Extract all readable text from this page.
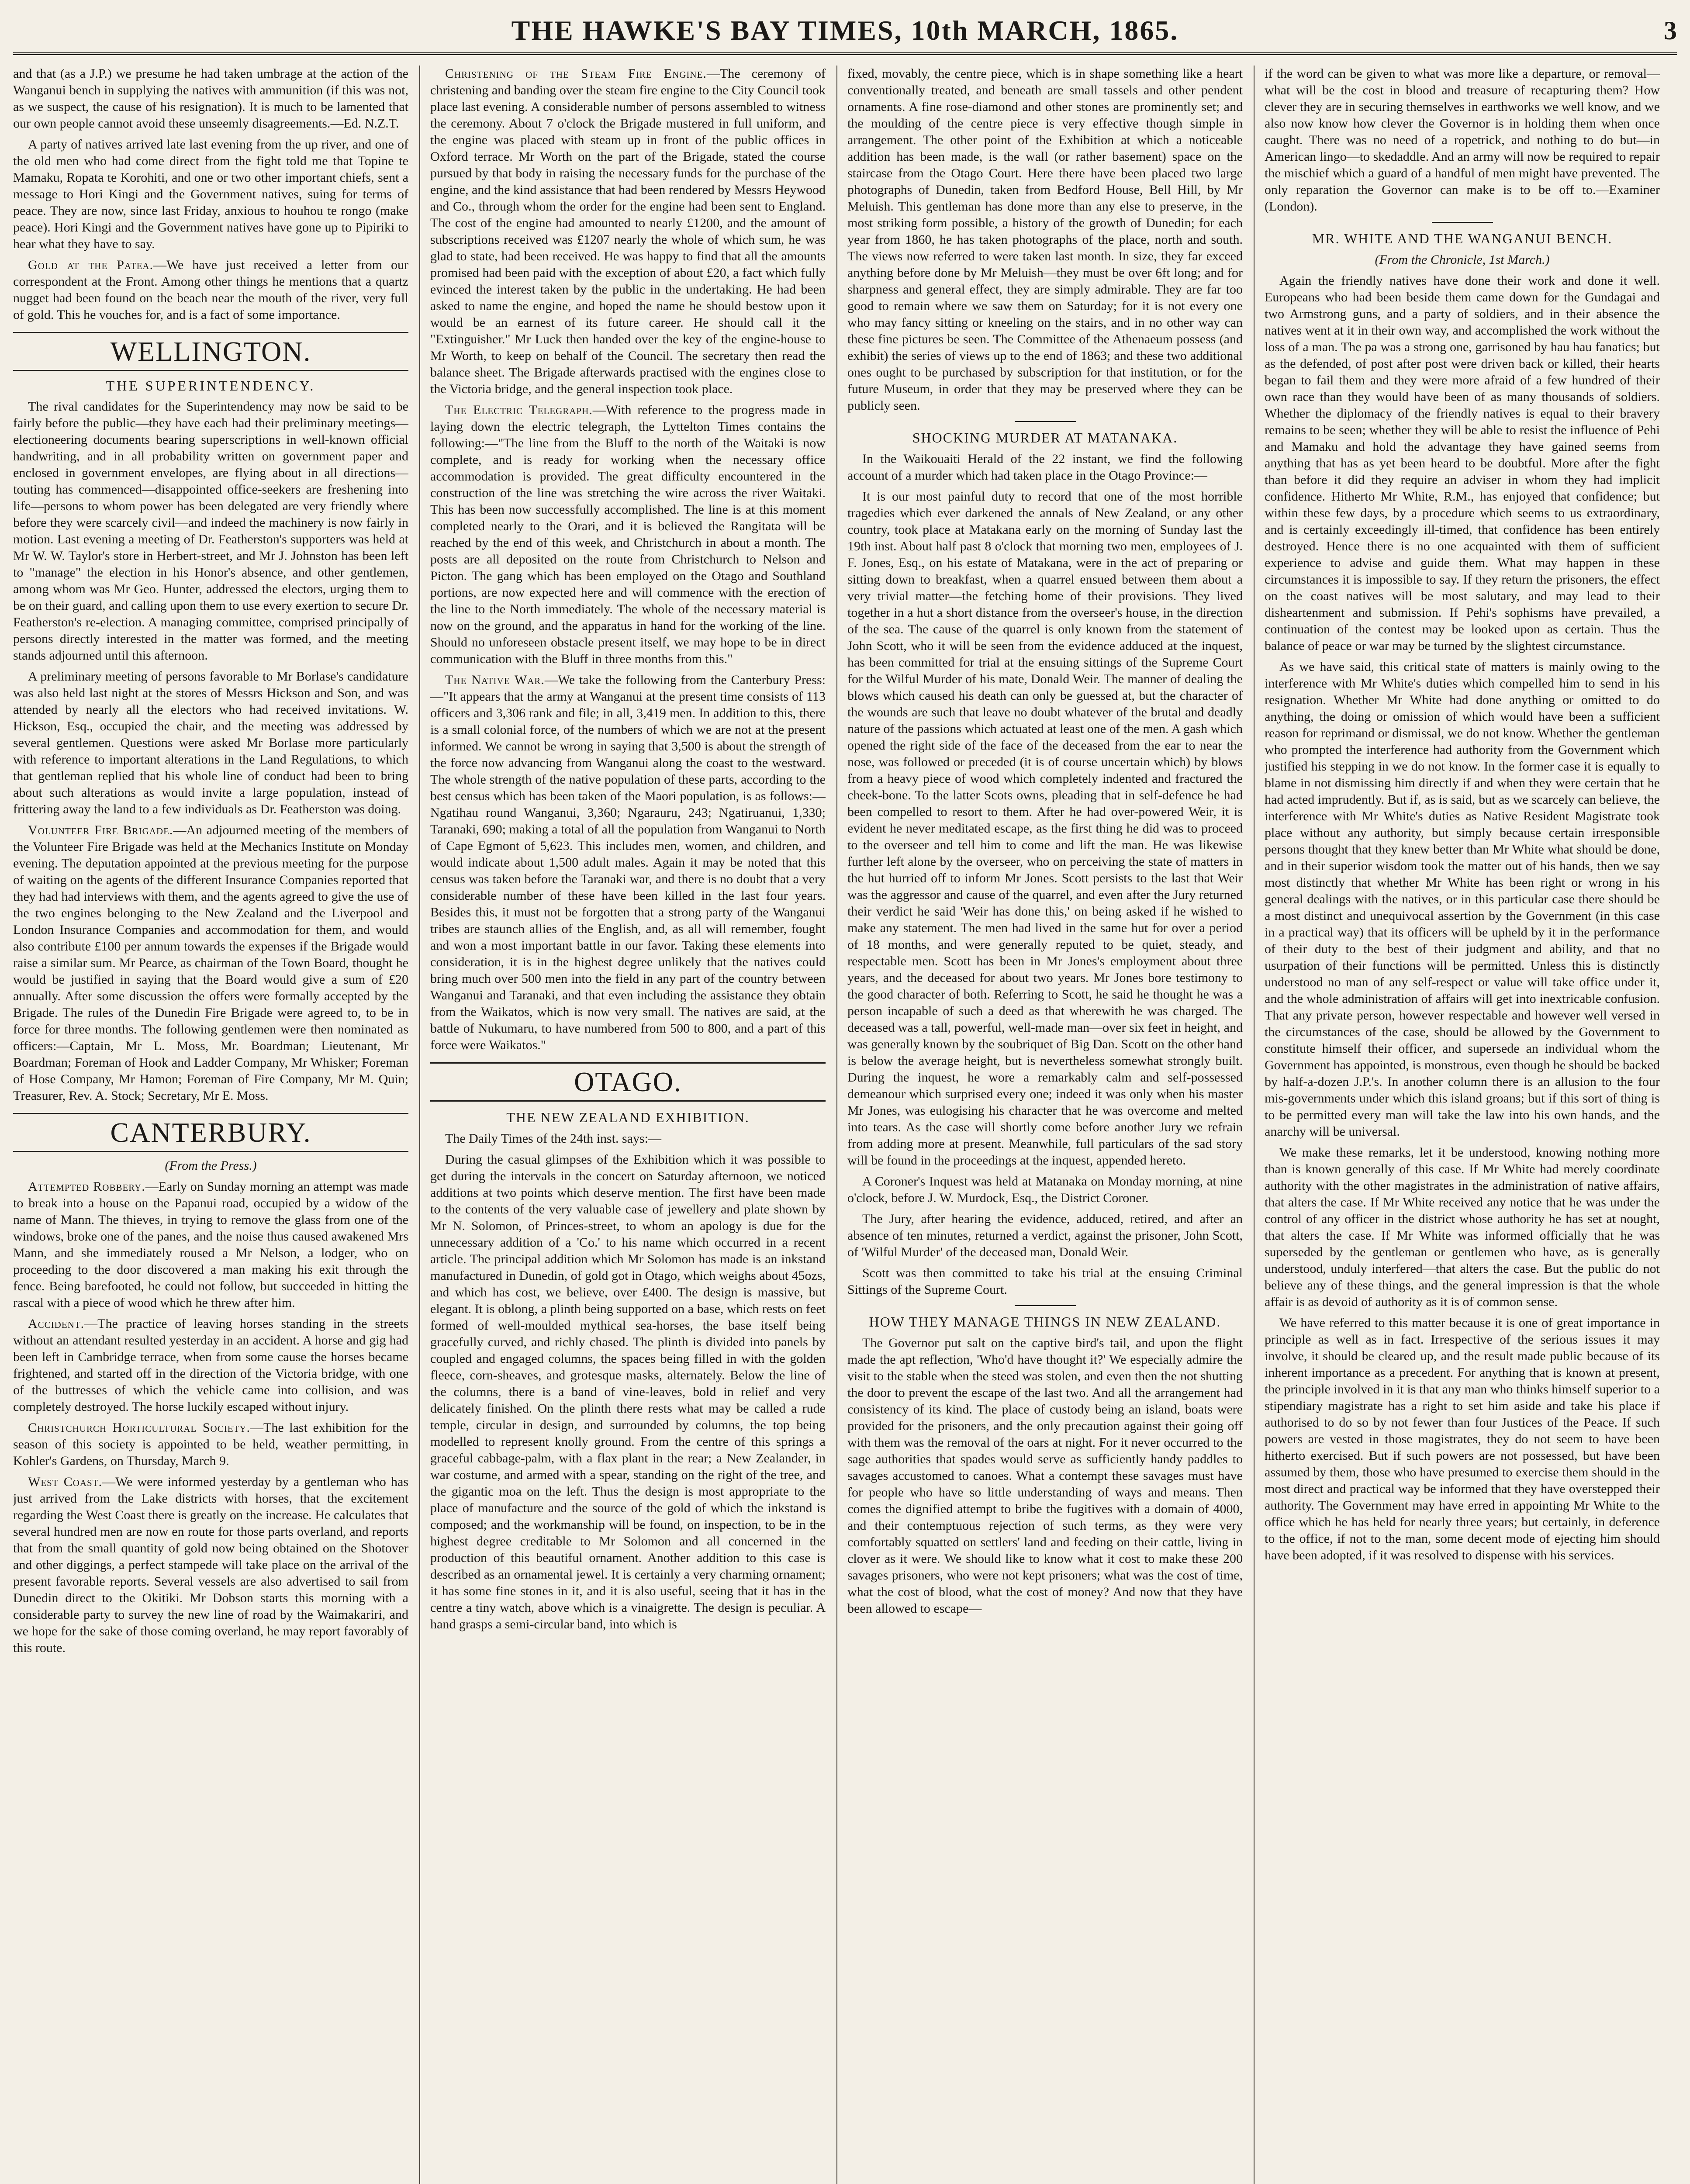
THE HAWKE'S BAY TIMES, 10th MARCH, 1865.	3

and that (as a J.P.) we presume he had taken umbrage at the action of the Wanganui bench in supplying the natives with ammunition (if this was not, as we suspect, the cause of his resignation). It is much to be lamented that our own people cannot avoid these unseemly disagreements.—Ed. N.Z.T.

A party of natives arrived late last evening from the up river, and one of the old men who had come direct from the fight told me that Topine te Mamaku, Ropata te Korohiti, and one or two other important chiefs, sent a message to Hori Kingi and the Government natives, suing for terms of peace. They are now, since last Friday, anxious to houhou te rongo (make peace). Hori Kingi and the Government natives have gone up to Pipiriki to hear what they have to say.

Gold at the Patea.—We have just received a letter from our correspondent at the Front. Among other things he mentions that a quartz nugget had been found on the beach near the mouth of the river, very full of gold. This he vouches for, and is a fact of some importance.

WELLINGTON.
THE SUPERINTENDENCY.

The rival candidates for the Superintendency may now be said to be fairly before the public—they have each had their preliminary meetings—electioneering documents bearing superscriptions in well-known official handwriting, and in all probability written on government paper and enclosed in government envelopes, are flying about in all directions—touting has commenced—disappointed office-seekers are freshening into life—persons to whom power has been delegated are very friendly where before they were scarcely civil—and indeed the machinery is now fairly in motion. Last evening a meeting of Dr. Featherston's supporters was held at Mr W. W. Taylor's store in Herbert-street, and Mr J. Johnston has been left to "manage" the election in his Honor's absence, and other gentlemen, among whom was Mr Geo. Hunter, addressed the electors, urging them to be on their guard, and calling upon them to use every exertion to secure Dr. Featherston's re-election. A managing committee, comprised principally of persons directly interested in the matter was formed, and the meeting stands adjourned until this afternoon.

A preliminary meeting of persons favorable to Mr Borlase's candidature was also held last night at the stores of Messrs Hickson and Son, and was attended by nearly all the electors who had received invitations. W. Hickson, Esq., occupied the chair, and the meeting was addressed by several gentlemen. Questions were asked Mr Borlase more particularly with reference to important alterations in the Land Regulations, to which that gentleman replied that his whole line of conduct had been to bring about such alterations as would invite a large population, instead of frittering away the land to a few individuals as Dr. Featherston was doing.

Volunteer Fire Brigade.—An adjourned meeting of the members of the Volunteer Fire Brigade was held at the Mechanics Institute on Monday evening. The deputation appointed at the previous meeting for the purpose of waiting on the agents of the different Insurance Companies reported that they had had interviews with them, and the agents agreed to give the use of the two engines belonging to the New Zealand and the Liverpool and London Insurance Companies and accommodation for them, and would also contribute £100 per annum towards the expenses if the Brigade would raise a similar sum. Mr Pearce, as chairman of the Town Board, thought he would be justified in saying that the Board would give a sum of £20 annually. After some discussion the offers were formally accepted by the Brigade. The rules of the Dunedin Fire Brigade were agreed to, to be in force for three months. The following gentlemen were then nominated as officers:—Captain, Mr L. Moss, Mr. Boardman; Lieutenant, Mr Boardman; Foreman of Hook and Ladder Company, Mr Whisker; Foreman of Hose Company, Mr Hamon; Foreman of Fire Company, Mr M. Quin; Treasurer, Rev. A. Stock; Secretary, Mr E. Moss.

CANTERBURY.

(From the Press.)

Attempted Robbery.—Early on Sunday morning an attempt was made to break into a house on the Papanui road, occupied by a widow of the name of Mann. The thieves, in trying to remove the glass from one of the windows, broke one of the panes, and the noise thus caused awakened Mrs Mann, and she immediately roused a Mr Nelson, a lodger, who on proceeding to the door discovered a man making his exit through the fence. Being barefooted, he could not follow, but succeeded in hitting the rascal with a piece of wood which he threw after him.

Accident.—The practice of leaving horses standing in the streets without an attendant resulted yesterday in an accident. A horse and gig had been left in Cambridge terrace, when from some cause the horses became frightened, and started off in the direction of the Victoria bridge, with one of the buttresses of which the vehicle came into collision, and was completely destroyed. The horse luckily escaped without injury.

Christchurch Horticultural Society.—The last exhibition for the season of this society is appointed to be held, weather permitting, in Kohler's Gardens, on Thursday, March 9.

West Coast.—We were informed yesterday by a gentleman who has just arrived from the Lake districts with horses, that the excitement regarding the West Coast there is greatly on the increase. He calculates that several hundred men are now en route for those parts overland, and reports that from the small quantity of gold now being obtained on the Shotover and other diggings, a perfect stampede will take place on the arrival of the present favorable reports. Several vessels are also advertised to sail from Dunedin direct to the Okitiki. Mr Dobson starts this morning with a considerable party to survey the new line of road by the Waimakariri, and we hope for the sake of those coming overland, he may report favorably of this route.

Christening of the Steam Fire Engine.—The ceremony of christening and banding over the steam fire engine to the City Council took place last evening. A considerable number of persons assembled to witness the ceremony. About 7 o'clock the Brigade mustered in full uniform, and the engine was placed with steam up in front of the public offices in Oxford terrace. Mr Worth on the part of the Brigade, stated the course pursued by that body in raising the necessary funds for the purchase of the engine, and the kind assistance that had been rendered by Messrs Heywood and Co., through whom the order for the engine had been sent to England. The cost of the engine had amounted to nearly £1200, and the amount of subscriptions received was £1207 nearly the whole of which sum, he was glad to state, had been received. He was happy to find that all the amounts promised had been paid with the exception of about £20, a fact which fully evinced the interest taken by the public in the undertaking. He had been asked to name the engine, and hoped the name he should bestow upon it would be an earnest of its future career. He should call it the "Extinguisher." Mr Luck then handed over the key of the engine-house to Mr Worth, to keep on behalf of the Council. The secretary then read the balance sheet. The Brigade afterwards practised with the engines close to the Victoria bridge, and the general inspection took place.

The Electric Telegraph.—With reference to the progress made in laying down the electric telegraph, the Lyttelton Times contains the following:—"The line from the Bluff to the north of the Waitaki is now complete, and is ready for working when the necessary office accommodation is provided. The great difficulty encountered in the construction of the line was stretching the wire across the river Waitaki. This has been now successfully accomplished. The line is at this moment completed nearly to the Orari, and it is believed the Rangitata will be reached by the end of this week, and Christchurch in about a month. The posts are all deposited on the route from Christchurch to Nelson and Picton. The gang which has been employed on the Otago and Southland portions, are now expected here and will commence with the erection of the line to the North immediately. The whole of the necessary material is now on the ground, and the apparatus in hand for the working of the line. Should no unforeseen obstacle present itself, we may hope to be in direct communication with the Bluff in three months from this."

The Native War.—We take the following from the Canterbury Press:—"It appears that the army at Wanganui at the present time consists of 113 officers and 3,306 rank and file; in all, 3,419 men. In addition to this, there is a small colonial force, of the numbers of which we are not at the present informed. We cannot be wrong in saying that 3,500 is about the strength of the force now advancing from Wanganui along the coast to the westward. The whole strength of the native population of these parts, according to the best census which has been taken of the Maori population, is as follows:—Ngatihau round Wanganui, 3,360; Ngarauru, 243; Ngatiruanui, 1,330; Taranaki, 690; making a total of all the population from Wanganui to North of Cape Egmont of 5,623. This includes men, women, and children, and would indicate about 1,500 adult males. Again it may be noted that this census was taken before the Taranaki war, and there is no doubt that a very considerable number of these have been killed in the last four years. Besides this, it must not be forgotten that a strong party of the Wanganui tribes are staunch allies of the English, and, as all will remember, fought and won a most important battle in our favor. Taking these elements into consideration, it is in the highest degree unlikely that the natives could bring much over 500 men into the field in any part of the country between Wanganui and Taranaki, and that even including the assistance they obtain from the Waikatos, which is now very small. The natives are said, at the battle of Nukumaru, to have numbered from 500 to 800, and a part of this force were Waikatos."

OTAGO.
THE NEW ZEALAND EXHIBITION.

The Daily Times of the 24th inst. says:—

During the casual glimpses of the Exhibition which it was possible to get during the intervals in the concert on Saturday afternoon, we noticed additions at two points which deserve mention. The first have been made to the contents of the very valuable case of jewellery and plate shown by Mr N. Solomon, of Princes-street, to whom an apology is due for the unnecessary addition of a 'Co.' to his name which occurred in a recent article. The principal addition which Mr Solomon has made is an inkstand manufactured in Dunedin, of gold got in Otago, which weighs about 45ozs, and which has cost, we believe, over £400. The design is massive, but elegant. It is oblong, a plinth being supported on a base, which rests on feet formed of well-moulded mythical sea-horses, the base itself being gracefully curved, and richly chased. The plinth is divided into panels by coupled and engaged columns, the spaces being filled in with the golden fleece, corn-sheaves, and grotesque masks, alternately. Below the line of the columns, there is a band of vine-leaves, bold in relief and very delicately finished. On the plinth there rests what may be called a rude temple, circular in design, and surrounded by columns, the top being modelled to represent knolly ground. From the centre of this springs a graceful cabbage-palm, with a flax plant in the rear; a New Zealander, in war costume, and armed with a spear, standing on the right of the tree, and the gigantic moa on the left. Thus the design is most appropriate to the place of manufacture and the source of the gold of which the inkstand is composed; and the workmanship will be found, on inspection, to be in the highest degree creditable to Mr Solomon and all concerned in the production of this beautiful ornament. Another addition to this case is described as an ornamental jewel. It is certainly a very charming ornament; it has some fine stones in it, and it is also useful, seeing that it has in the centre a tiny watch, above which is a vinaigrette. The design is peculiar. A hand grasps a semi-circular band, into which is

fixed, movably, the centre piece, which is in shape something like a heart conventionally treated, and beneath are small tassels and other pendent ornaments. A fine rose-diamond and other stones are prominently set; and the moulding of the centre piece is very effective though simple in arrangement. The other point of the Exhibition at which a noticeable addition has been made, is the wall (or rather basement) space on the staircase from the Otago Court. Here there have been placed two large photographs of Dunedin, taken from Bedford House, Bell Hill, by Mr Meluish. This gentleman has done more than any else to preserve, in the most striking form possible, a history of the growth of Dunedin; for each year from 1860, he has taken photographs of the place, north and south. The views now referred to were taken last month. In size, they far exceed anything before done by Mr Meluish—they must be over 6ft long; and for sharpness and general effect, they are simply admirable. They are far too good to remain where we saw them on Saturday; for it is not every one who may fancy sitting or kneeling on the stairs, and in no other way can these fine pictures be seen. The Committee of the Athenaeum possess (and exhibit) the series of views up to the end of 1863; and these two additional ones ought to be purchased by subscription for that institution, or for the future Museum, in order that they may be preserved where they can be publicly seen.

SHOCKING MURDER AT MATANAKA.

In the Waikouaiti Herald of the 22 instant, we find the following account of a murder which had taken place in the Otago Province:—

It is our most painful duty to record that one of the most horrible tragedies which ever darkened the annals of New Zealand, or any other country, took place at Matakana early on the morning of Sunday last the 19th inst. About half past 8 o'clock that morning two men, employees of J. F. Jones, Esq., on his estate of Matakana, were in the act of preparing or sitting down to breakfast, when a quarrel ensued between them about a very trivial matter—the fetching home of their provisions. They lived together in a hut a short distance from the overseer's house, in the direction of the sea. The cause of the quarrel is only known from the statement of John Scott, who it will be seen from the evidence adduced at the inquest, has been committed for trial at the ensuing sittings of the Supreme Court for the Wilful Murder of his mate, Donald Weir. The manner of dealing the blows which caused his death can only be guessed at, but the character of the wounds are such that leave no doubt whatever of the brutal and deadly nature of the passions which actuated at least one of the men. A gash which opened the right side of the face of the deceased from the ear to near the nose, was followed or preceded (it is of course uncertain which) by blows from a heavy piece of wood which completely indented and fractured the cheek-bone. To the latter Scots owns, pleading that in self-defence he had been compelled to resort to them. After he had over-powered Weir, it is evident he never meditated escape, as the first thing he did was to proceed to the overseer and tell him to come and lift the man. He was likewise further left alone by the overseer, who on perceiving the state of matters in the hut hurried off to inform Mr Jones. Scott persists to the last that Weir was the aggressor and cause of the quarrel, and even after the Jury returned their verdict he said 'Weir has done this,' on being asked if he wished to make any statement. The men had lived in the same hut for over a period of 18 months, and were generally reputed to be quiet, steady, and respectable men. Scott has been in Mr Jones's employment about three years, and the deceased for about two years. Mr Jones bore testimony to the good character of both. Referring to Scott, he said he thought he was a person incapable of such a deed as that wherewith he was charged. The deceased was a tall, powerful, well-made man—over six feet in height, and was generally known by the soubriquet of Big Dan. Scott on the other hand is below the average height, but is nevertheless somewhat strongly built. During the inquest, he wore a remarkably calm and self-possessed demeanour which surprised every one; indeed it was only when his master Mr Jones, was eulogising his character that he was overcome and melted into tears. As the case will shortly come before another Jury we refrain from adding more at present. Meanwhile, full particulars of the sad story will be found in the proceedings at the inquest, appended hereto.

A Coroner's Inquest was held at Matanaka on Monday morning, at nine o'clock, before J. W. Murdock, Esq., the District Coroner.

The Jury, after hearing the evidence, adduced, retired, and after an absence of ten minutes, returned a verdict, against the prisoner, John Scott, of 'Wilful Murder' of the deceased man, Donald Weir.

Scott was then committed to take his trial at the ensuing Criminal Sittings of the Supreme Court.

HOW THEY MANAGE THINGS IN NEW ZEALAND.

The Governor put salt on the captive bird's tail, and upon the flight made the apt reflection, 'Who'd have thought it?' We especially admire the visit to the stable when the steed was stolen, and even then the not shutting the door to prevent the escape of the last two. And all the arrangement had consistency of its kind. The place of custody being an island, boats were provided for the prisoners, and the only precaution against their going off with them was the removal of the oars at night. For it never occurred to the sage authorities that spades would serve as sufficiently handy paddles to savages accustomed to canoes. What a contempt these savages must have for people who have so little understanding of ways and means. Then comes the dignified attempt to bribe the fugitives with a domain of 4000, and their contemptuous rejection of such terms, as they were very comfortably squatted on settlers' land and feeding on their cattle, living in clover as it were. We should like to know what it cost to make these 200 savages prisoners, who were not kept prisoners; what was the cost of time, what the cost of blood, what the cost of money? And now that they have been allowed to escape—

if the word can be given to what was more like a departure, or removal—what will be the cost in blood and treasure of recapturing them? How clever they are in securing themselves in earthworks we well know, and we also now know how clever the Governor is in holding them when once caught. There was no need of a ropetrick, and nothing to do but—in American lingo—to skedaddle. And an army will now be required to repair the mischief which a guard of a handful of men might have prevented. The only reparation the Governor can make is to be off to.—Examiner (London).

MR. WHITE AND THE WANGANUI BENCH.

(From the Chronicle, 1st March.)

Again the friendly natives have done their work and done it well. Europeans who had been beside them came down for the Gundagai and two Armstrong guns, and a party of soldiers, and in their absence the natives went at it in their own way, and accomplished the work without the loss of a man. The pa was a strong one, garrisoned by hau hau fanatics; but as the defended, of post after post were driven back or killed, their hearts began to fail them and they were more afraid of a few hundred of their own race than they would have been of as many thousands of soldiers. Whether the diplomacy of the friendly natives is equal to their bravery remains to be seen; whether they will be able to resist the influence of Pehi and Mamaku and hold the advantage they have gained seems from anything that has as yet been heard to be doubtful. More after the fight than before it did they require an adviser in whom they had implicit confidence. Hitherto Mr White, R.M., has enjoyed that confidence; but within these few days, by a procedure which seems to us extraordinary, and is certainly exceedingly ill-timed, that confidence has been entirely destroyed. Hence there is no one acquainted with them of sufficient experience to advise and guide them. What may happen in these circumstances it is impossible to say. If they return the prisoners, the effect on the coast natives will be most salutary, and may lead to their disheartenment and submission. If Pehi's sophisms have prevailed, a continuation of the contest may be looked upon as certain. Thus the balance of peace or war may be turned by the slightest circumstance.

As we have said, this critical state of matters is mainly owing to the interference with Mr White's duties which compelled him to send in his resignation. Whether Mr White had done anything or omitted to do anything, the doing or omission of which would have been a sufficient reason for reprimand or dismissal, we do not know. Whether the gentleman who prompted the interference had authority from the Government which justified his stepping in we do not know. In the former case it is equally to blame in not dismissing him directly if and when they were certain that he had acted imprudently. But if, as is said, but as we scarcely can believe, the interference with Mr White's duties as Native Resident Magistrate took place without any authority, but simply because certain irresponsible persons thought that they knew better than Mr White what should be done, and in their superior wisdom took the matter out of his hands, then we say most distinctly that whether Mr White has been right or wrong in his general dealings with the natives, or in this particular case there should be a most distinct and unequivocal assertion by the Government (in this case in a practical way) that its officers will be upheld by it in the performance of their duty to the best of their judgment and ability, and that no usurpation of their functions will be permitted. Unless this is distinctly understood no man of any self-respect or value will take office under it, and the whole administration of affairs will get into inextricable confusion. That any private person, however respectable and however well versed in the circumstances of the case, should be allowed by the Government to constitute himself their officer, and supersede an individual whom the Government has appointed, is monstrous, even though he should be backed by half-a-dozen J.P.'s. In another column there is an allusion to the four mis-governments under which this island groans; but if this sort of thing is to be permitted every man will take the law into his own hands, and the anarchy will be universal.

We make these remarks, let it be understood, knowing nothing more than is known generally of this case. If Mr White had merely coordinate authority with the other magistrates in the administration of native affairs, that alters the case. If Mr White received any notice that he was under the control of any officer in the district whose authority he has set at nought, that alters the case. If Mr White was informed officially that he was superseded by the gentleman or gentlemen who have, as is generally understood, unduly interfered—that alters the case. But the public do not believe any of these things, and the general impression is that the whole affair is as devoid of authority as it is of common sense.

We have referred to this matter because it is one of great importance in principle as well as in fact. Irrespective of the serious issues it may involve, it should be cleared up, and the result made public because of its inherent importance as a precedent. For anything that is known at present, the principle involved in it is that any man who thinks himself superior to a stipendiary magistrate has a right to set him aside and take his place if authorised to do so by not fewer than four Justices of the Peace. If such powers are vested in those magistrates, they do not seem to have been hitherto exercised. But if such powers are not possessed, but have been assumed by them, those who have presumed to exercise them should in the most direct and practical way be informed that they have overstepped their authority. The Government may have erred in appointing Mr White to the office which he has held for nearly three years; but certainly, in deference to the office, if not to the man, some decent mode of ejecting him should have been adopted, if it was resolved to dispense with his services.
